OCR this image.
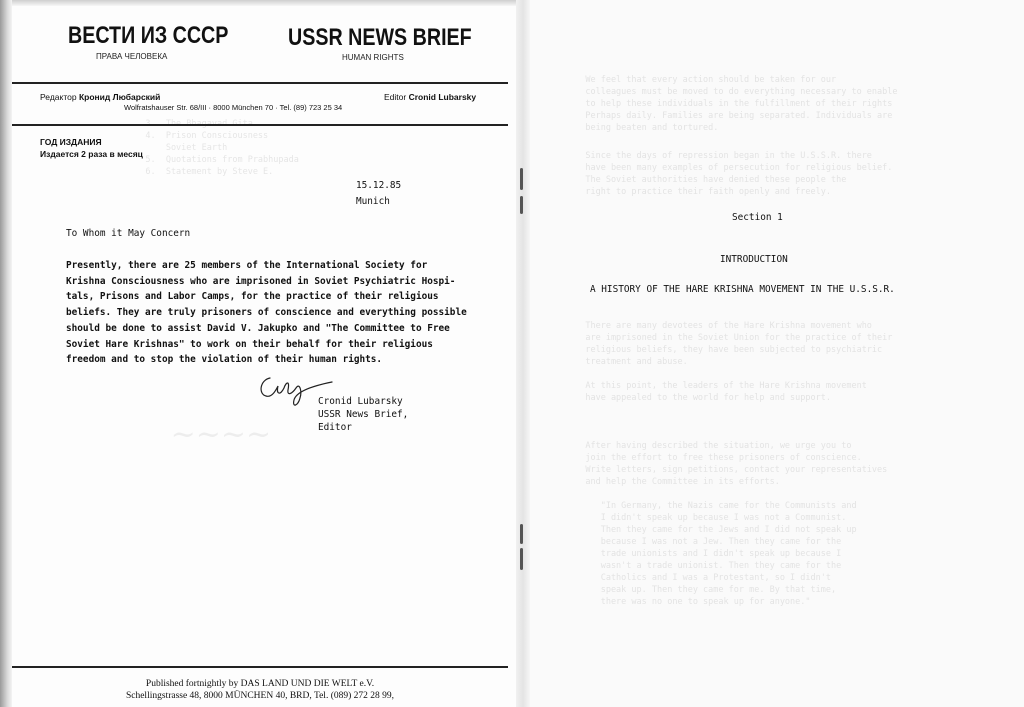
4.  Prison Consciousness
Soviet Earth
5.  Quotations from Prabhupada
6.  Statement by Steve E.
~~~~
ВЕСТИ ИЗ СССР
ПРАВА ЧЕЛОВЕКА
USSR NEWS BRIEF
HUMAN RIGHTS
Редактор Кронид Любарский	Editor Cronid Lubarsky
Wolfratshauser Str. 68/III · 8000 München 70 · Tel. (89) 723 25 34
ГОД ИЗДАНИЯ
Издается 2 раза в месяц
15.12.85
Munich
To Whom it May Concern
Presently, there are 25 members of the International Society for
Krishna Consciousness who are imprisoned in Soviet Psychiatric Hospi-
tals, Prisons and Labor Camps, for the practice of their religious
beliefs. They are truly prisoners of conscience and everything possible
should be done to assist David V. Jakupko and "The Committee to Free
Soviet Hare Krishnas" to work on their behalf for their religious
freedom and to stop the violation of their human rights.
Cronid Lubarsky
USSR News Brief,
Editor
Published fortnightly by DAS LAND UND DIE WELT e.V.
Schellingstrasse 48, 8000 MÜNCHEN 40, BRD, Tel. (089) 272 28 99,
We feel that every action should be taken for our
colleagues must be moved to do everything necessary to enable
to help these individuals in the fulfillment of their rights
Perhaps daily. Families are being separated. Individuals are
being beaten and tortured.
Since the days of repression began in the U.S.S.R. there
have been many examples of persecution for religious belief.
The Soviet authorities have denied these people the
right to practice their faith openly and freely.
There are many devotees of the Hare Krishna movement who
are imprisoned in the Soviet Union for the practice of their
religious beliefs, they have been subjected to psychiatric
treatment and abuse.

At this point, the leaders of the Hare Krishna movement
have appealed to the world for help and support.
After having described the situation, we urge you to
join the effort to free these prisoners of conscience.
Write letters, sign petitions, contact your representatives
and help the Committee in its efforts.

"In Germany, the Nazis came for the Communists and
I didn't speak up because I was not a Communist.
Then they came for the Jews and I did not speak up
because I was not a Jew. Then they came for the
trade unionists and I didn't speak up because I
wasn't a trade unionist. Then they came for the
Catholics and I was a Protestant, so I didn't
speak up. Then they came for me. By that time,
there was no one to speak up for anyone."
Section 1
INTRODUCTION
A HISTORY OF THE HARE KRISHNA MOVEMENT IN THE U.S.S.R.
